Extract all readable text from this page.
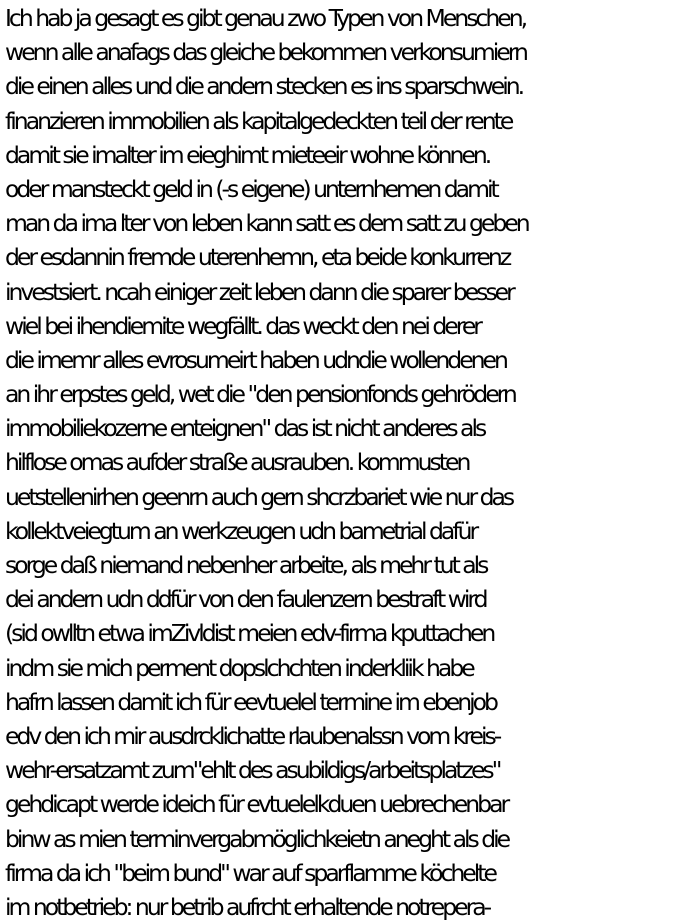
Ich hab ja gesagt es gibt genau zwo Typen von Menschen,
wenn alle anafags das gleiche bekommen verkonsumiern
die einen alles und die andern stecken es ins sparschwein.
finanzieren immobilien als kapitalgedeckten teil der rente
damit sie imalter im eieghimt mieteeir wohne können.
oder mansteckt geld in (-s eigene) unternhemen damit
man da ima lter von leben kann satt es dem satt zu geben
der esdannin fremde uterenhemn, eta beide konkurrenz
investsiert. ncah einiger zeit leben dann die sparer besser
wiel bei ihendiemite wegfällt. das weckt den nei derer
die imemr alles evrosumeirt haben udndie wollendenen
an ihr erpstes geld, wet die "den pensionfonds gehrödern
immobiliekozerne enteignen" das ist nicht anderes als
hilflose omas aufder straße ausrauben. kommusten
uetstellenirhen geenrn auch gern shcrzbariet wie nur das
kollektveiegtum an werkzeugen udn bametrial dafür
sorge daß niemand nebenher arbeite, als mehr tut als
dei andern udn ddfür von den faulenzern bestraft wird
(sid owlltn etwa imZivldist meien edv-firma kputtachen
indm sie mich perment dopslchchten inderkliik habe
hafrn lassen damit ich für eevtuelel termine im ebenjob
edv den ich mir ausdrcklichatte rlaubenalssn vom kreis-
wehr-ersatzamt zum"ehlt des asubildigs/arbeitsplatzes"
gehdicapt werde ideich für evtuelelkduen uebrechenbar
binw as mien terminvergabmöglichkeietn aneght als die
firma da ich "beim bund" war auf sparflamme köchelte
im notbetrieb: nur betrib aufrcht erhaltende notrepera-
